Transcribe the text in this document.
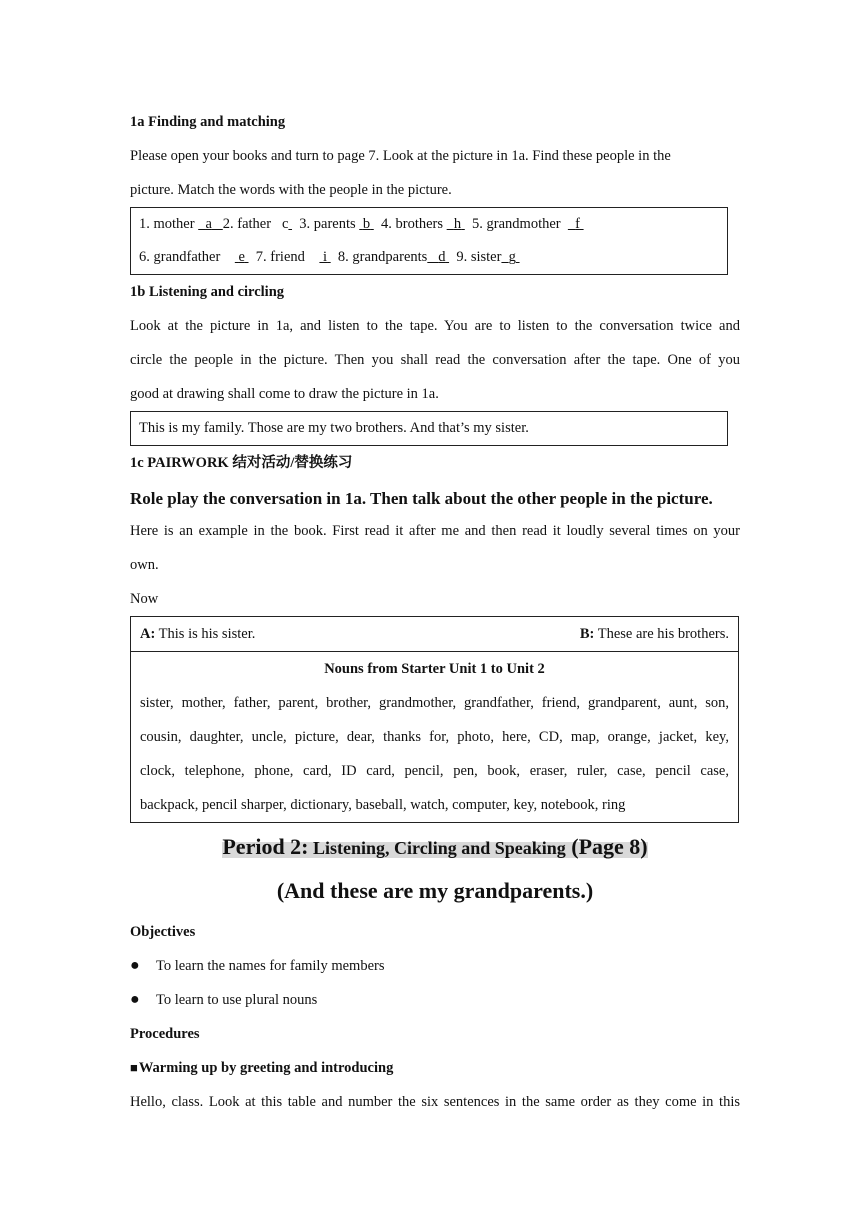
1a Finding and matching
Please open your books and turn to page 7. Look at the picture in 1a. Find these people in the
picture. Match the words with the people in the picture.
1. mother a 2. father c 3. parents b 4. brothers h 5. grandmother f
6. grandfather e 7. friend i 8. grandparents d 9. sister g
1b Listening and circling
Look at the picture in 1a, and listen to the tape. You are to listen to the conversation twice and
circle the people in the picture. Then you shall read the conversation after the tape. One of you
good at drawing shall come to draw the picture in 1a.
This is my family. Those are my two brothers. And that’s my sister.
1c PAIRWORK 结对活动/替换练习
Role play the conversation in 1a. Then talk about the other people in the picture.
Here is an example in the book. First read it after me and then read it loudly several times on your
own.
Now
A: This is his sister.	B: These are his brothers.
Nouns from Starter Unit 1 to Unit 2
sister, mother, father, parent, brother, grandmother, grandfather, friend, grandparent, aunt, son,
cousin, daughter, uncle, picture, dear, thanks for, photo, here, CD, map, orange, jacket, key,
clock, telephone, phone, card, ID card, pencil, pen, book, eraser, ruler, case, pencil case,
backpack, pencil sharper, dictionary, baseball, watch, computer, key, notebook, ring
Period 2: Listening, Circling and Speaking (Page 8)
(And these are my grandparents.)
Objectives
● To learn the names for family members
● To learn to use plural nouns
Procedures
■Warming up by greeting and introducing
Hello, class. Look at this table and number the six sentences in the same order as they come in this
